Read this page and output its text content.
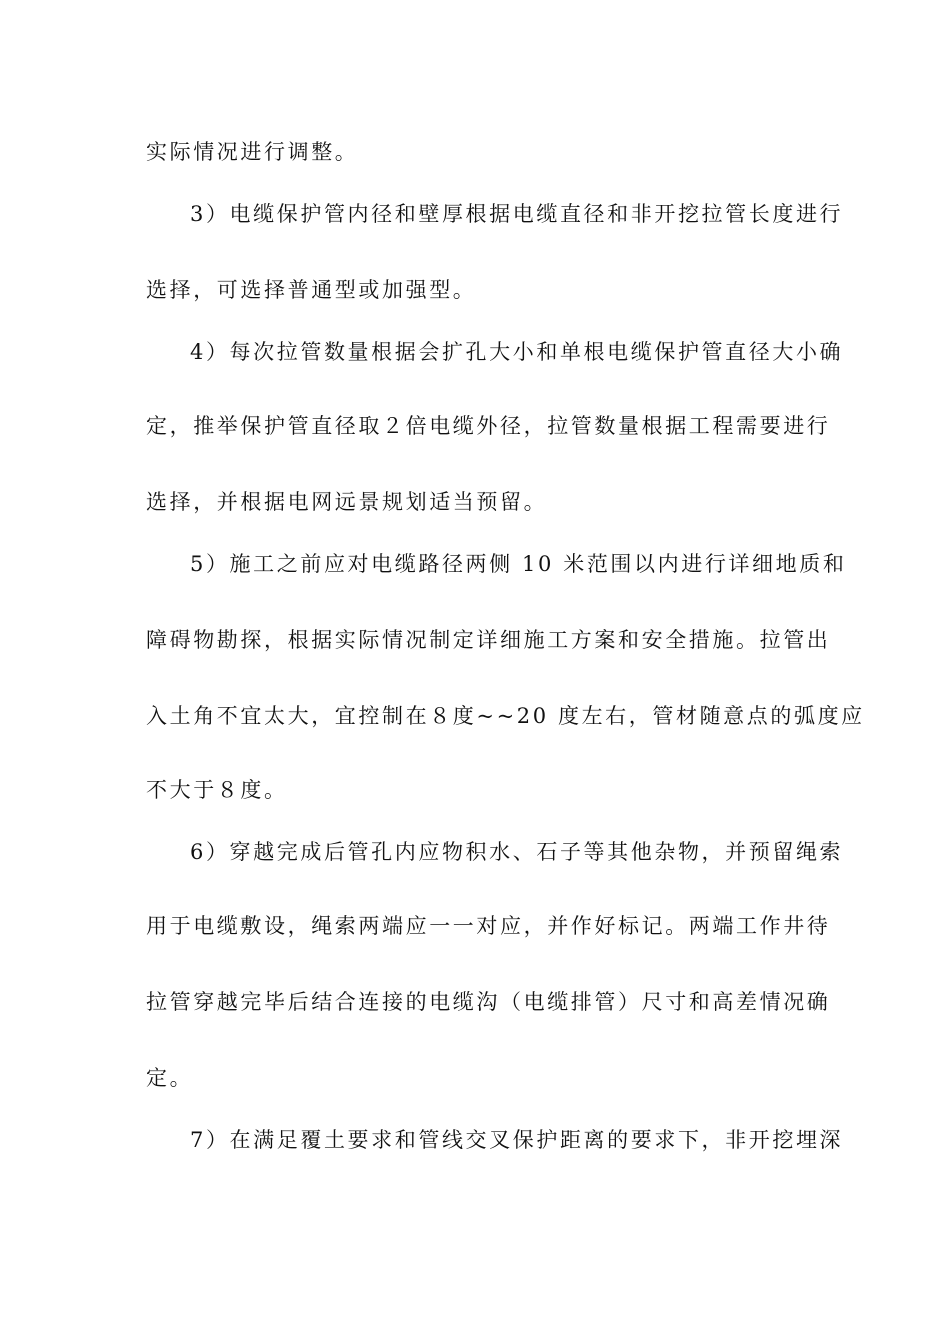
实际情况进行调整。
3）电缆保护管内径和壁厚根据电缆直径和非开挖拉管长度进行
选择，可选择普通型或加强型。
4）每次拉管数量根据会扩孔大小和单根电缆保护管直径大小确
定，推举保护管直径取２倍电缆外径，拉管数量根据工程需要进行
选择，并根据电网远景规划适当预留。
5）施工之前应对电缆路径两侧 10 米范围以内进行详细地质和
障碍物勘探，根据实际情况制定详细施工方案和安全措施。拉管出
入土角不宜太大，宜控制在８度~~20 度左右，管材随意点的弧度应
不大于８度。
6）穿越完成后管孔内应物积水、石子等其他杂物，并预留绳索
用于电缆敷设，绳索两端应一一对应，并作好标记。两端工作井待
拉管穿越完毕后结合连接的电缆沟（电缆排管）尺寸和高差情况确
定。
7）在满足覆土要求和管线交叉保护距离的要求下，非开挖埋深
